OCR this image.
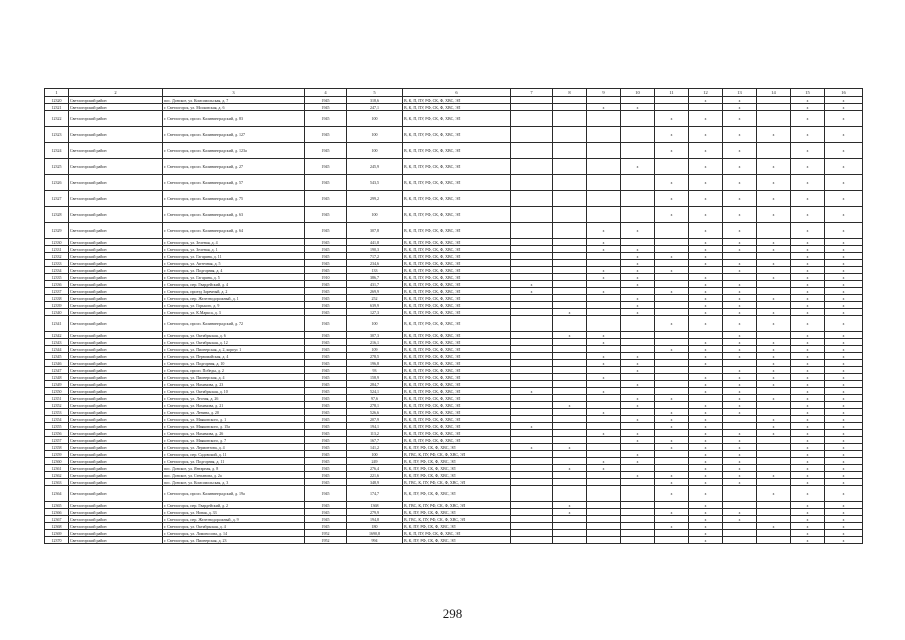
1	2	3	4	5	6	7	8	9	10	11	12	13	14	15	16
12320	Светлогорский район	пос. Донское, ул. Комсомольская, д. 7	1945	318,6	В, К, П, ПУ, РФ, СК, Ф, ХВС, ЭЛ						x	x		x	x
12321	Светлогорский район	г. Светлогорск, ул. Московская, д. 6	1945	247,1	В, К, П, ПУ, РФ, СК, Ф, ХВС, ЭЛ			x	x			x		x	x
12322	Светлогорский район	г. Светлогорск, просп. Калининградский, д. 83	1945	100	В, К, П, ПУ, РФ, СК, Ф, ХВС, ЭЛ					x	x	x		x	x
12323	Светлогорский район	г. Светлогорск, просп. Калининградский, д. 127	1945	100	В, К, П, ПУ, РФ, СК, Ф, ХВС, ЭЛ					x	x	x	x	x	x
12324	Светлогорский район	г. Светлогорск, просп. Калининградский, д. 123а	1945	100	В, К, П, ПУ, РФ, СК, Ф, ХВС, ЭЛ					x	x	x		x	x
12325	Светлогорский район	г. Светлогорск, просп. Калининградский, д. 27	1945	245,9	В, К, П, ПУ, РФ, СК, Ф, ХВС, ЭЛ				x		x	x	x	x	x
12326	Светлогорский район	г. Светлогорск, просп. Калининградский, д. 57	1945	543,5	В, К, П, ПУ, РФ, СК, Ф, ХВС, ЭЛ					x	x	x	x	x	x
12327	Светлогорский район	г. Светлогорск, просп. Калининградский, д. 75	1945	299,2	В, К, П, ПУ, РФ, СК, Ф, ХВС, ЭЛ					x	x	x	x	x	x
12328	Светлогорский район	г. Светлогорск, просп. Калининградский, д. 63	1945	100	В, К, П, ПУ, РФ, СК, Ф, ХВС, ЭЛ					x	x	x	x	x	x
12329	Светлогорский район	г. Светлогорск, просп. Калининградский, д. 64	1945	307,8	В, К, П, ПУ, РФ, СК, Ф, ХВС, ЭЛ			x	x		x	x		x	x
12330	Светлогорский район	г. Светлогорск, ул. Зеленая, д. 4	1945	441,8	В, К, П, ПУ, РФ, СК, Ф, ХВС, ЭЛ			x			x	x	x	x	x
12331	Светлогорский район	г. Светлогорск, ул. Зеленая, д. 1	1945	190,3	В, К, П, ПУ, РФ, СК, Ф, ХВС, ЭЛ			x	x		x	x	x	x	x
12332	Светлогорский район	г. Светлогорск, ул. Гагарина, д. 11	1945	717,2	В, К, П, ПУ, РФ, СК, Ф, ХВС, ЭЛ				x	x	x			x	x
12333	Светлогорский район	г. Светлогорск, ул. Аптечная, д. 5	1945	234,6	В, К, П, ПУ, РФ, СК, Ф, ХВС, ЭЛ				x		x	x	x	x	x
12334	Светлогорский район	г. Светлогорск, ул. Подгорная, д. 4	1945	133	В, К, П, ПУ, РФ, СК, Ф, ХВС, ЭЛ			x	x	x		x		x	x
12335	Светлогорский район	г. Светлогорск, ул. Гагарина, д. 5	1910	386,7	В, К, П, ПУ, РФ, СК, Ф, ХВС, ЭЛ			x	x		x		x	x	x
12336	Светлогорский район	г. Светлогорск, пер. Гвардейский, д. 4	1945	431,7	В, К, П, ПУ, РФ, СК, Ф, ХВС, ЭЛ	x			x		x	x		x	x
12337	Светлогорский район	г. Светлогорск, проезд Заречный, д. 2	1945	269,9	В, К, П, ПУ, РФ, СК, Ф, ХВС, ЭЛ	x		x		x	x	x		x	x
12338	Светлогорский район	г. Светлогорск, пер. Железнодорожный, д. 1	1945	252	В, К, П, ПУ, РФ, СК, Ф, ХВС, ЭЛ				x		x	x	x	x	x
12339	Светлогорский район	г. Светлогорск, ул. Горького, д. 9	1945	639,9	В, К, П, ПУ, РФ, СК, Ф, ХВС, ЭЛ				x		x	x		x	x
12340	Светлогорский район	г. Светлогорск, ул. К.Маркса, д. 3	1945	127,3	В, К, П, ПУ, РФ, СК, Ф, ХВС, ЭЛ		x		x		x	x	x	x	x
12341	Светлогорский район	г. Светлогорск, просп. Калининградский, д. 72	1945	100	В, К, П, ПУ, РФ, СК, Ф, ХВС, ЭЛ					x	x	x	x	x	x
12342	Светлогорский район	г. Светлогорск, ул. Октябрьская, д. 6	1945	307,3	В, К, П, ПУ, РФ, СК, Ф, ХВС, ЭЛ		x	x				x		x	x
12343	Светлогорский район	г. Светлогорск, ул. Октябрьская, д. 12	1945	216,1	В, К, П, ПУ, РФ, СК, Ф, ХВС, ЭЛ			x			x	x	x	x	x
12344	Светлогорский район	г. Светлогорск, ул. Пионерская, д. 2, корпус 1	1945	109	В, К, П, ПУ, РФ, СК, Ф, ХВС, ЭЛ					x	x	x	x	x	x
12345	Светлогорский район	г. Светлогорск, ул. Первомайская, д. 4	1945	278,5	В, К, П, ПУ, РФ, СК, Ф, ХВС, ЭЛ			x	x		x	x	x	x	x
12346	Светлогорский район	г. Светлогорск, ул. Подгорная, д. 10	1945	196,8	В, К, П, ПУ, РФ, СК, Ф, ХВС, ЭЛ			x	x		x		x	x	x
12347	Светлогорский район	г. Светлогорск, просп. Победы, д. 2	1945	93	В, К, П, ПУ, РФ, СК, Ф, ХВС, ЭЛ				x			x	x	x	x
12348	Светлогорский район	г. Светлогорск, ул. Пионерская, д. 4	1945	158,9	В, К, П, ПУ, РФ, СК, Ф, ХВС, ЭЛ			x			x	x	x	x	x
12349	Светлогорский район	г. Светлогорск, ул. Нахимова, д. 23	1945	284,7	В, К, П, ПУ, РФ, СК, Ф, ХВС, ЭЛ				x		x	x	x	x	x
12350	Светлогорский район	г. Светлогорск, ул. Октябрьская, д. 10	1945	524,1	В, К, П, ПУ, РФ, СК, Ф, ХВС, ЭЛ	x		x			x	x		x	x
12351	Светлогорский район	г. Светлогорск, ул. Лесная, д. 26	1945	97,6	В, К, П, ПУ, РФ, СК, Ф, ХВС, ЭЛ				x	x		x	x	x	x
12352	Светлогорский район	г. Светлогорск, ул. Нахимова, д. 21	1945	278,1	В, К, П, ПУ, РФ, СК, Ф, ХВС, ЭЛ		x		x		x	x		x	x
12353	Светлогорский район	г. Светлогорск, ул. Ленина, д. 20	1945	526,6	В, К, П, ПУ, РФ, СК, Ф, ХВС, ЭЛ			x		x	x	x		x	x
12354	Светлогорский район	г. Светлогорск, ул. Маяковского, д. 1	1945	207,9	В, К, П, ПУ, РФ, СК, Ф, ХВС, ЭЛ				x	x	x		x	x	x
12355	Светлогорский район	г. Светлогорск, ул. Маяковского, д. 15а	1945	194,1	В, К, П, ПУ, РФ, СК, Ф, ХВС, ЭЛ	x				x	x		x	x	x
12356	Светлогорский район	г. Светлогорск, ул. Нахимова, д. 26	1945	113,2	В, К, П, ПУ, РФ, СК, Ф, ХВС, ЭЛ			x	x		x	x	x	x	x
12357	Светлогорский район	г. Светлогорск, ул. Маяковского, д. 7	1945	167,7	В, К, П, ПУ, РФ, СК, Ф, ХВС, ЭЛ				x	x	x	x		x	x
12358	Светлогорский район	г. Светлогорск, ул. Лермонтова, д. 4	1945	141,2	В, К, ПУ, РФ, СК, Ф, ХВС, ЭЛ	x	x			x	x	x		x	x
12359	Светлогорский район	г. Светлогорск, пер. Садовский, д. 11	1945	100	В, ГВС, К, ПУ, РФ, СК, Ф, ХВС, ЭЛ				x		x	x		x	x
12360	Светлогорский район	г. Светлогорск, ул. Подгорная, д. 11	1945	249	В, К, ПУ, РФ, СК, Ф, ХВС, ЭЛ			x	x		x	x		x	x
12361	Светлогорский район	пос. Донское, ул. Янтарная, д. 8	1945	276,4	В, К, ПУ, РФ, СК, Ф, ХВС, ЭЛ		x	x			x	x		x	x
12362	Светлогорский район	пос. Донское, ул. Степанова, д. 2а	1945	221,6	В, К, ПУ, РФ, СК, Ф, ХВС, ЭЛ				x	x	x	x	x	x	x
12363	Светлогорский район	пос. Донское, ул. Комсомольская, д. 3	1945	348,9	В, ГВС, К, ПУ, РФ, СК, Ф, ХВС, ЭЛ					x	x	x		x	x
12364	Светлогорский район	г. Светлогорск, просп. Калининградский, д. 19а	1945	174,7	В, К, ПУ, РФ, СК, Ф, ХВС, ЭЛ					x	x		x	x	x
12365	Светлогорский район	г. Светлогорск, пер. Гвардейский, д. 2	1945	1368	В, ГВС, К, ПУ, РФ, СК, Ф, ХВС, ЭЛ		x				x			x	x
12366	Светлогорский район	г. Светлогорск, ул. Новая, д. 33	1945	279,9	В, К, ПУ, РФ, СК, Ф, ХВС, ЭЛ		x			x	x	x		x	x
12367	Светлогорский район	г. Светлогорск, пер. Железнодорожный, д. 9	1945	194,8	В, ГВС, К, ПУ, РФ, СК, Ф, ХВС, ЭЛ						x	x		x	x
12368	Светлогорский район	г. Светлогорск, ул. Октябрьская, д. 4	1945	180	В, К, ПУ, РФ, СК, Ф, ХВС, ЭЛ					x	x		x	x	x
12369	Светлогорский район	г. Светлогорск, ул. Ломоносова, д. 14	1952	1690,8	В, К, П, ПУ, РФ, СК, Ф, ХВС, ЭЛ						x			x	x
12370	Светлогорский район	г. Светлогорск, ул. Пионерская, д. 23	1952	994	В, К, ПУ, РФ, СК, Ф, ХВС, ЭЛ						x			x	x
298
